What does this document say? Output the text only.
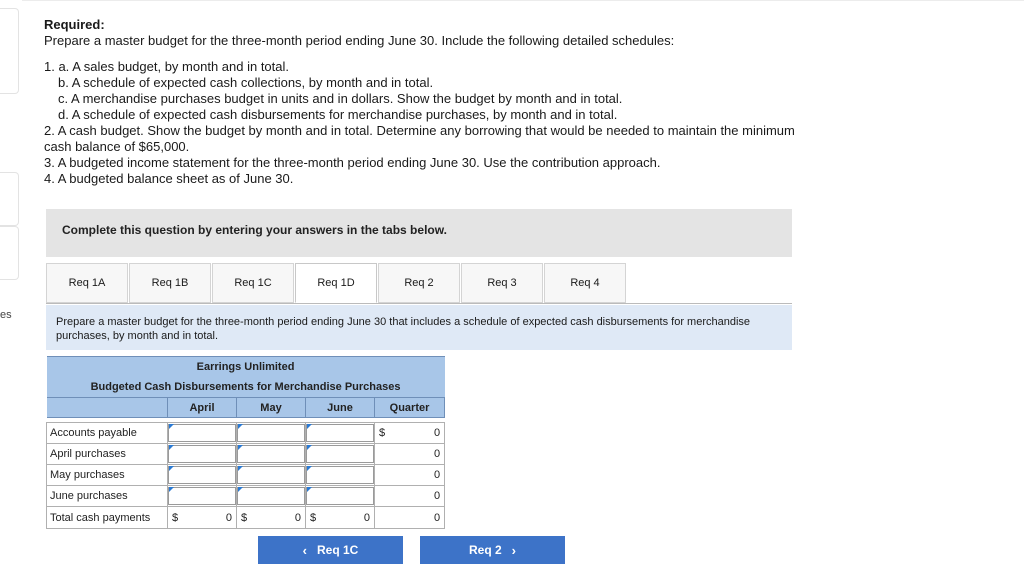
es
Required:
Prepare a master budget for the three-month period ending June 30. Include the following detailed schedules:
1. a. A sales budget, by month and in total.
b. A schedule of expected cash collections, by month and in total.
c. A merchandise purchases budget in units and in dollars. Show the budget by month and in total.
d. A schedule of expected cash disbursements for merchandise purchases, by month and in total.
2. A cash budget. Show the budget by month and in total. Determine any borrowing that would be needed to maintain the minimum
cash balance of $65,000.
3. A budgeted income statement for the three-month period ending June 30. Use the contribution approach.
4. A budgeted balance sheet as of June 30.
Complete this question by entering your answers in the tabs below.
Req 1A	Req 1B	Req 1C	Req 1D	Req 2	Req 3	Req 4
Prepare a master budget for the three-month period ending June 30 that includes a schedule of expected cash disbursements for merchandise purchases, by month and in total.
Earrings Unlimited				
Budgeted Cash Disbursements for Merchandise Purchases				
	April	May	June	Quarter

Accounts payable				$ 0

April purchases				0
May purchases				0
June purchases				0
Total cash payments	$ 0	$ 0	$ 0	0
‹ Req 1C	Req 2 ›
